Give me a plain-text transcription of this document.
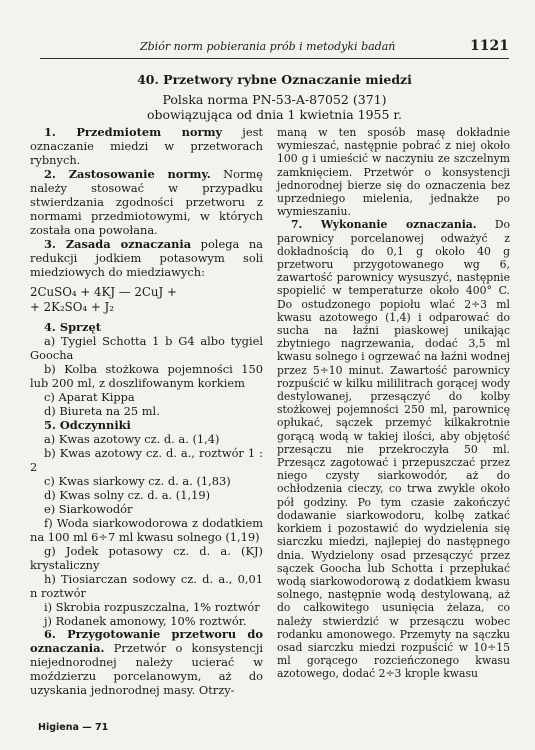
Zbiór norm pobierania prób i metodyki badań	1121
40. Przetwory rybne Oznaczanie miedzi
Polska norma PN-53-A-87052 (371)
obowiązująca od dnia 1 kwietnia 1955 r.

1. Przedmiotem normy jest oznaczanie miedzi w przetworach rybnych.

2. Zastosowanie normy. Normę należy stosować w przypadku stwierdzania zgodności przetworu z normami przedmiotowymi, w których została ona powołana.

3. Zasada oznaczania polega na redukcji jodkiem potasowym soli miedziowych do miedziawych:

2CuSO₄ + 4KJ — 2CuJ +
+ 2K₂SO₄ + J₂

4. Sprzęt

a) Tygiel Schotta 1 b G4 albo tygiel Goocha

b) Kolba stożkowa pojemności 150 lub 200 ml, z doszlifowanym korkiem

c) Aparat Kippa

d) Biureta na 25 ml.

5. Odczynniki

a) Kwas azotowy cz. d. a. (1,4)

b) Kwas azotowy cz. d. a., roztwór 1 : 2

c) Kwas siarkowy cz. d. a. (1,83)

d) Kwas solny cz. d. a. (1,19)

e) Siarkowodór

f) Woda siarkowodorowa z dodatkiem na 100 ml 6÷7 ml kwasu solnego (1,19)

g) Jodek potasowy cz. d. a. (KJ) krystaliczny

h) Tiosiarczan sodowy cz. d. a., 0,01 n roztwór

i) Skrobia rozpuszczalna, 1% roztwór

j) Rodanek amonowy, 10% roztwór.

6. Przygotowanie przetworu do oznaczania. Przetwór o konsystencji niejednorodnej należy ucierać w moździerzu porcelanowym, aż do uzyskania jednorodnej masy. Otrzy-

maną w ten sposób masę dokładnie wymieszać, następnie pobrać z niej około 100 g i umieścić w naczyniu ze szczelnym zamknięciem. Przetwór o konsystencji jednorodnej bierze się do oznaczenia bez uprzedniego mielenia, jednakże po wymieszaniu.

7. Wykonanie oznaczania. Do parownicy porcelanowej odważyć z dokładnością do 0,1 g około 40 g przetworu przygotowanego wg 6, zawartość parownicy wysuszyć, następnie spopielić w temperaturze około 400° C. Do ostudzonego popiołu wlać 2÷3 ml kwasu azotowego (1,4) i odparować do sucha na łaźni piaskowej unikając zbytniego nagrzewania, dodać 3,5 ml kwasu solnego i ogrzewać na łaźni wodnej przez 5÷10 minut. Zawartość parownicy rozpuścić w kilku mililitrach gorącej wody destylowanej, przesączyć do kolby stożkowej pojemności 250 ml, parownicę opłukać, sączek przemyć kilkakrotnie gorącą wodą w takiej ilości, aby objętość przesączu nie przekroczyła 50 ml. Przesącz zagotować i przepuszczać przez niego czysty siarkowodór, aż do ochłodzenia cieczy, co trwa zwykle około pół godziny. Po tym czasie zakończyć dodawanie siarkowodoru, kolbę zatkać korkiem i pozostawić do wydzielenia się siarczku miedzi, najlepiej do następnego dnia. Wydzielony osad przesączyć przez sączek Goocha lub Schotta i przepłukać wodą siarkowodorową z dodatkiem kwasu solnego, następnie wodą destylowaną, aż do całkowitego usunięcia żelaza, co należy stwierdzić w przesączu wobec rodanku amonowego. Przemyty na sączku osad siarczku miedzi rozpuścić w 10÷15 ml gorącego rozcieńczonego kwasu azotowego, dodać 2÷3 krople kwasu

Higiena — 71
